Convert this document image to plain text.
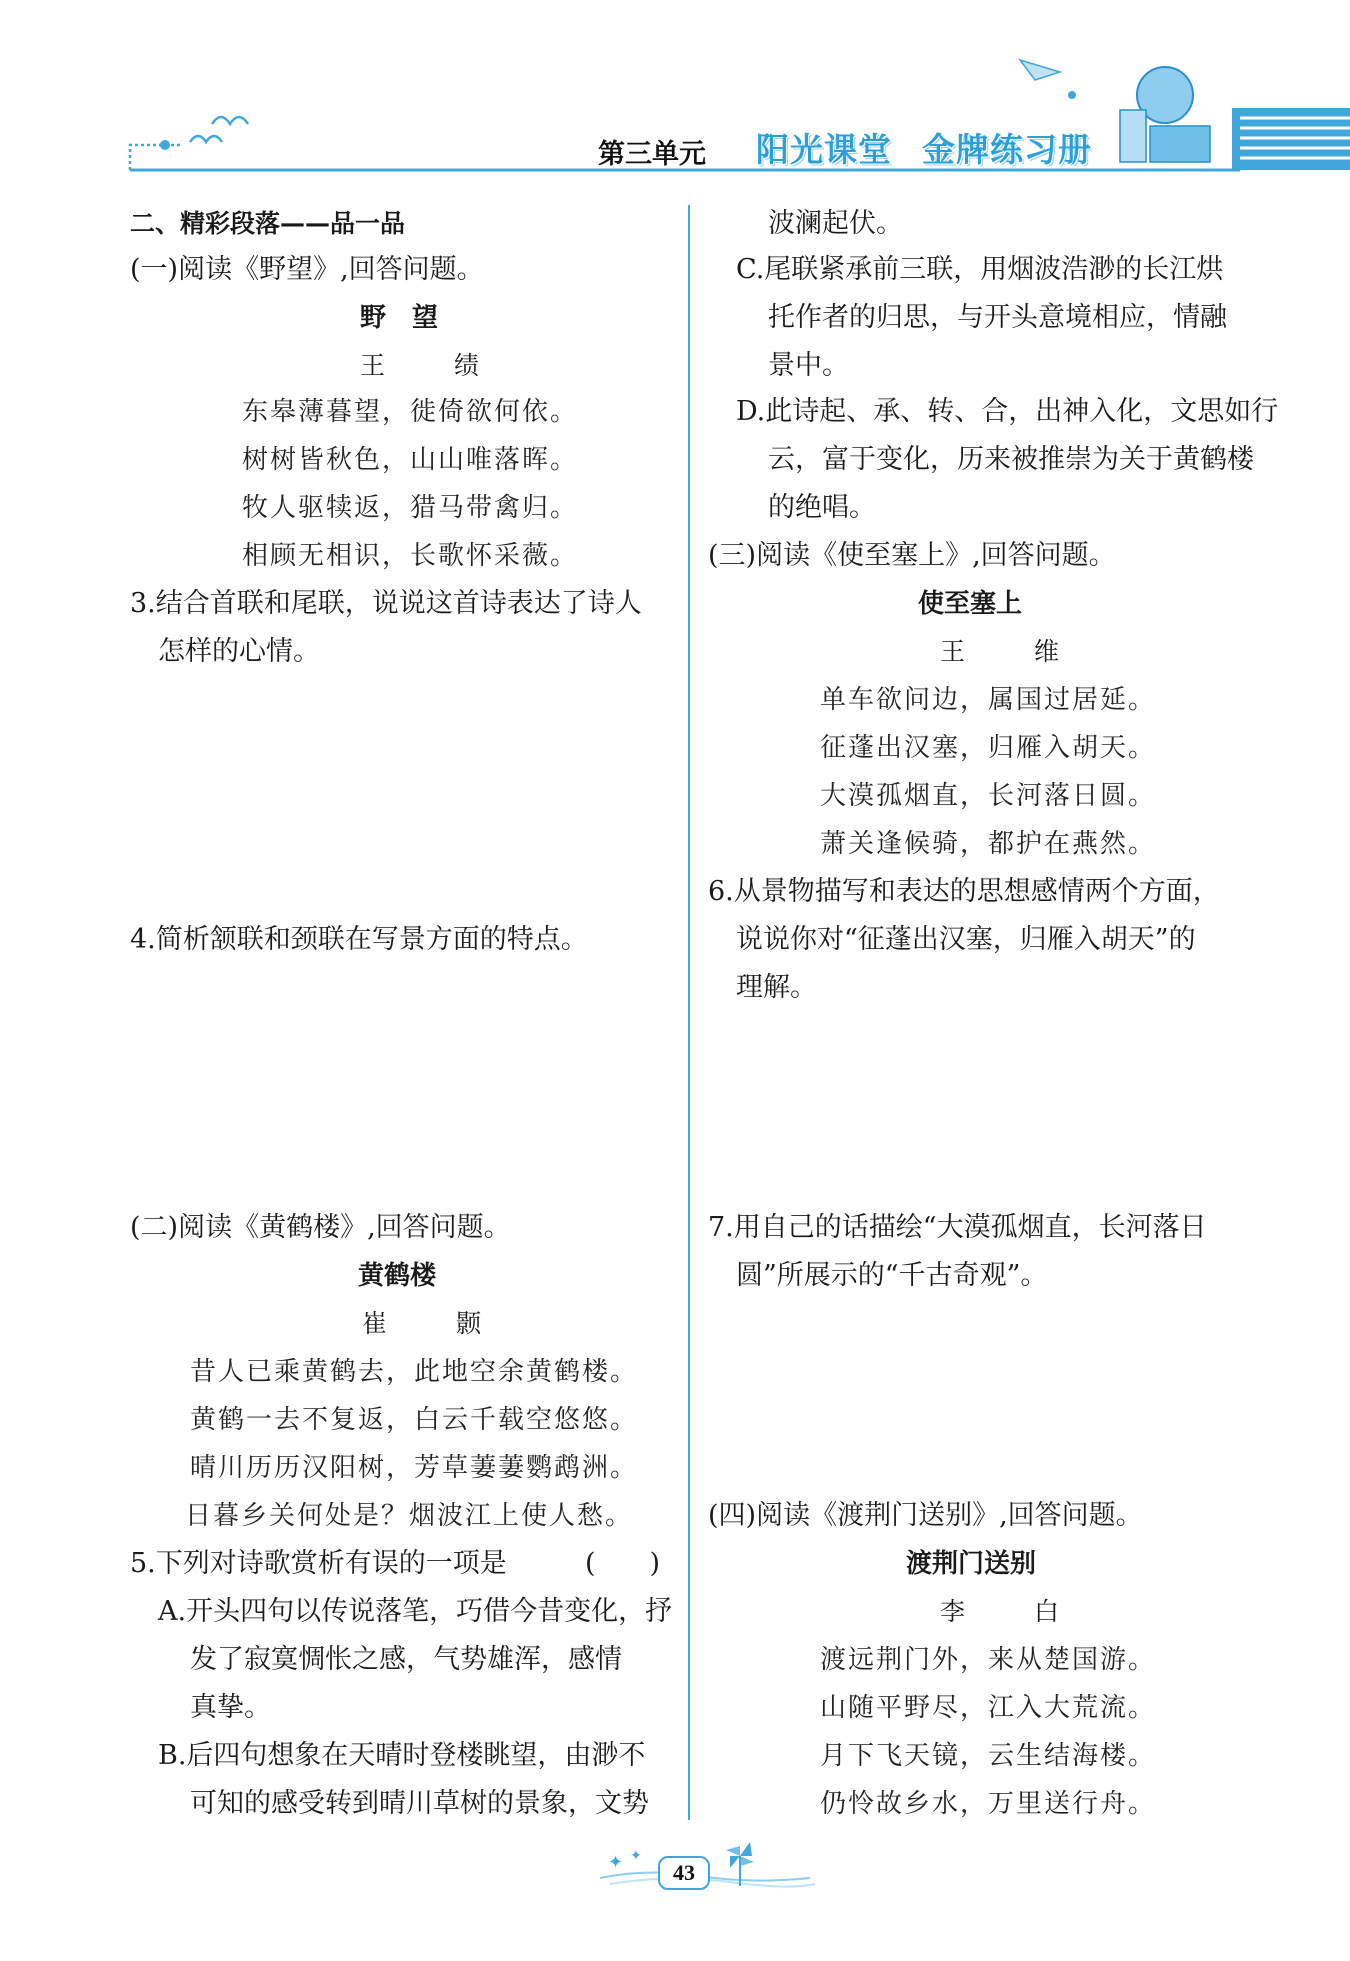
第三单元 阳光课堂 金牌练习册
二、精彩段落——品一品
(一)阅读《野望》,回答问题。
野　望
王　绩
东皋薄暮望，徙倚欲何依。
树树皆秋色，山山唯落晖。
牧人驱犊返，猎马带禽归。
相顾无相识，长歌怀采薇。
3.结合首联和尾联，说说这首诗表达了诗人
怎样的心情。
4.简析颔联和颈联在写景方面的特点。
(二)阅读《黄鹤楼》,回答问题。
黄鹤楼
崔　颢
昔人已乘黄鹤去，此地空余黄鹤楼。
黄鹤一去不复返，白云千载空悠悠。
晴川历历汉阳树，芳草萋萋鹦鹉洲。
日暮乡关何处是？烟波江上使人愁。
5.下列对诗歌赏析有误的一项是	(　　)
A.开头四句以传说落笔，巧借今昔变化，抒
发了寂寞惆怅之感，气势雄浑，感情
真挚。
B.后四句想象在天晴时登楼眺望，由渺不
可知的感受转到晴川草树的景象，文势
波澜起伏。
C.尾联紧承前三联，用烟波浩渺的长江烘
托作者的归思，与开头意境相应，情融
景中。
D.此诗起、承、转、合，出神入化，文思如行
云，富于变化，历来被推崇为关于黄鹤楼
的绝唱。
(三)阅读《使至塞上》,回答问题。
使至塞上
王　维
单车欲问边，属国过居延。
征蓬出汉塞，归雁入胡天。
大漠孤烟直，长河落日圆。
萧关逢候骑，都护在燕然。
6.从景物描写和表达的思想感情两个方面，
说说你对“征蓬出汉塞，归雁入胡天”的
理解。
7.用自己的话描绘“大漠孤烟直，长河落日
圆”所展示的“千古奇观”。
(四)阅读《渡荆门送别》,回答问题。
渡荆门送别
李　白
渡远荆门外，来从楚国游。
山随平野尽，江入大荒流。
月下飞天镜，云生结海楼。
仍怜故乡水，万里送行舟。
✦ ✦
43
